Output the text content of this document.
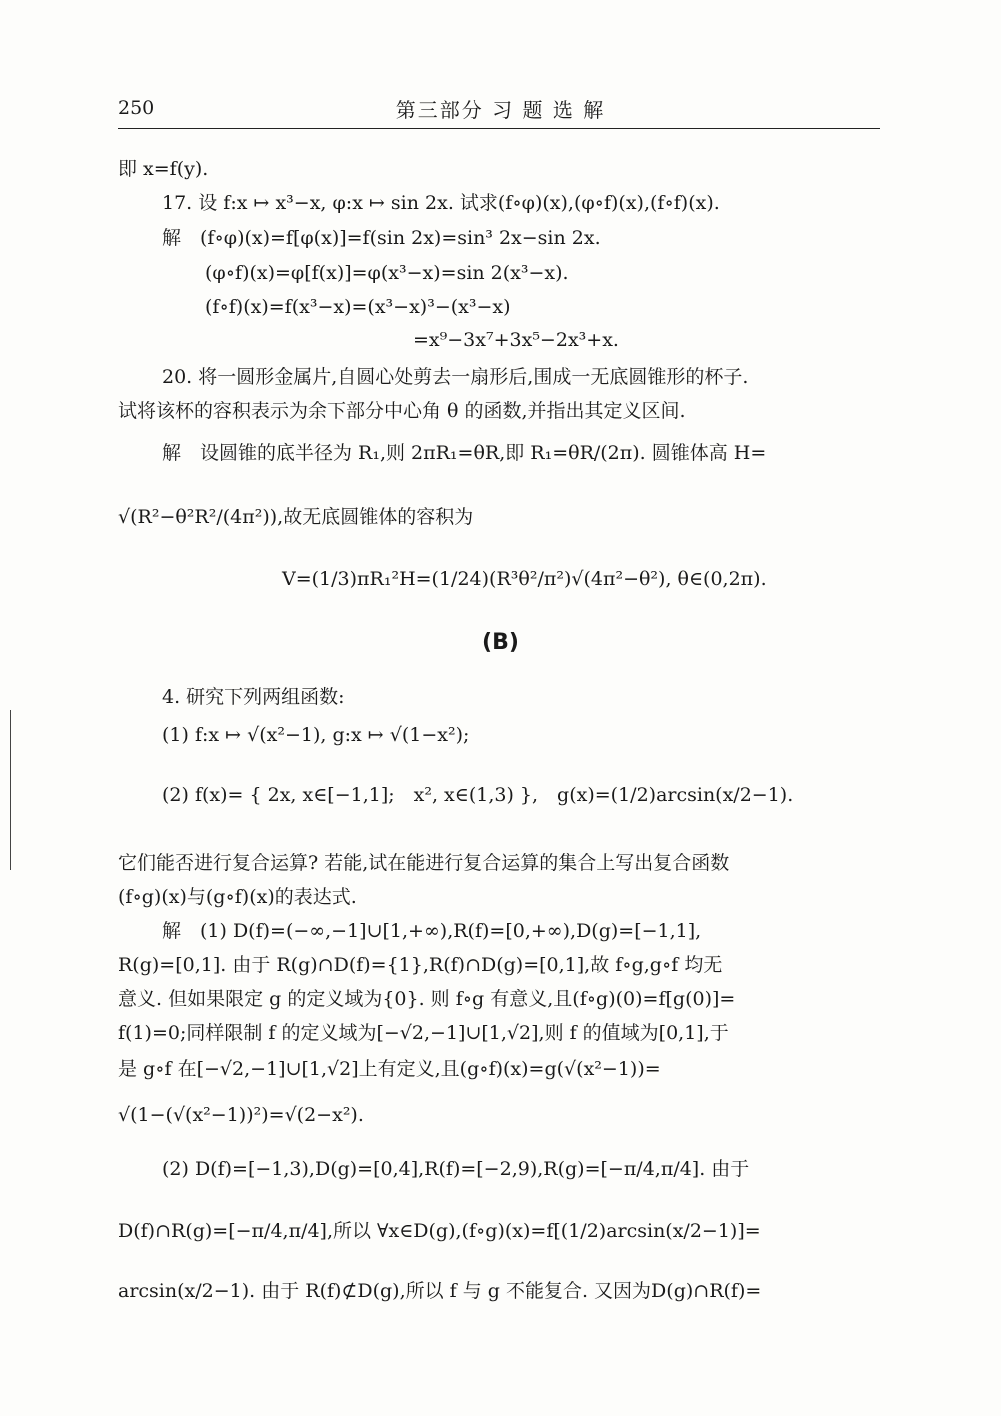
250	第三部分 习 题 选 解
即 x=f(y).
17. 设 f:x ↦ x³−x, φ:x ↦ sin 2x. 试求(f∘φ)(x),(φ∘f)(x),(f∘f)(x).
解　(f∘φ)(x)=f[φ(x)]=f(sin 2x)=sin³ 2x−sin 2x.
(φ∘f)(x)=φ[f(x)]=φ(x³−x)=sin 2(x³−x).
(f∘f)(x)=f(x³−x)=(x³−x)³−(x³−x)
=x⁹−3x⁷+3x⁵−2x³+x.
20. 将一圆形金属片,自圆心处剪去一扇形后,围成一无底圆锥形的杯子.
试将该杯的容积表示为余下部分中心角 θ 的函数,并指出其定义区间.
解　设圆锥的底半径为 R₁,则 2πR₁=θR,即 R₁=θR/(2π). 圆锥体高 H=
√(R²−θ²R²/(4π²)),故无底圆锥体的容积为
V=(1/3)πR₁²H=(1/24)(R³θ²/π²)√(4π²−θ²), θ∈(0,2π).
4. 研究下列两组函数:
(1) f:x ↦ √(x²−1), g:x ↦ √(1−x²);
(2) f(x)= { 2x, x∈[−1,1];　x², x∈(1,3) },　g(x)=(1/2)arcsin(x/2−1).
它们能否进行复合运算? 若能,试在能进行复合运算的集合上写出复合函数
(f∘g)(x)与(g∘f)(x)的表达式.
解　(1) D(f)=(−∞,−1]∪[1,+∞),R(f)=[0,+∞),D(g)=[−1,1],
R(g)=[0,1]. 由于 R(g)∩D(f)={1},R(f)∩D(g)=[0,1],故 f∘g,g∘f 均无
意义. 但如果限定 g 的定义域为{0}. 则 f∘g 有意义,且(f∘g)(0)=f[g(0)]=
f(1)=0;同样限制 f 的定义域为[−√2,−1]∪[1,√2],则 f 的值域为[0,1],于
是 g∘f 在[−√2,−1]∪[1,√2]上有定义,且(g∘f)(x)=g(√(x²−1))=
√(1−(√(x²−1))²)=√(2−x²).
(2) D(f)=[−1,3),D(g)=[0,4],R(f)=[−2,9),R(g)=[−π/4,π/4]. 由于
D(f)∩R(g)=[−π/4,π/4],所以 ∀x∈D(g),(f∘g)(x)=f[(1/2)arcsin(x/2−1)]=
arcsin(x/2−1). 由于 R(f)⊄D(g),所以 f 与 g 不能复合. 又因为D(g)∩R(f)=
(B)
